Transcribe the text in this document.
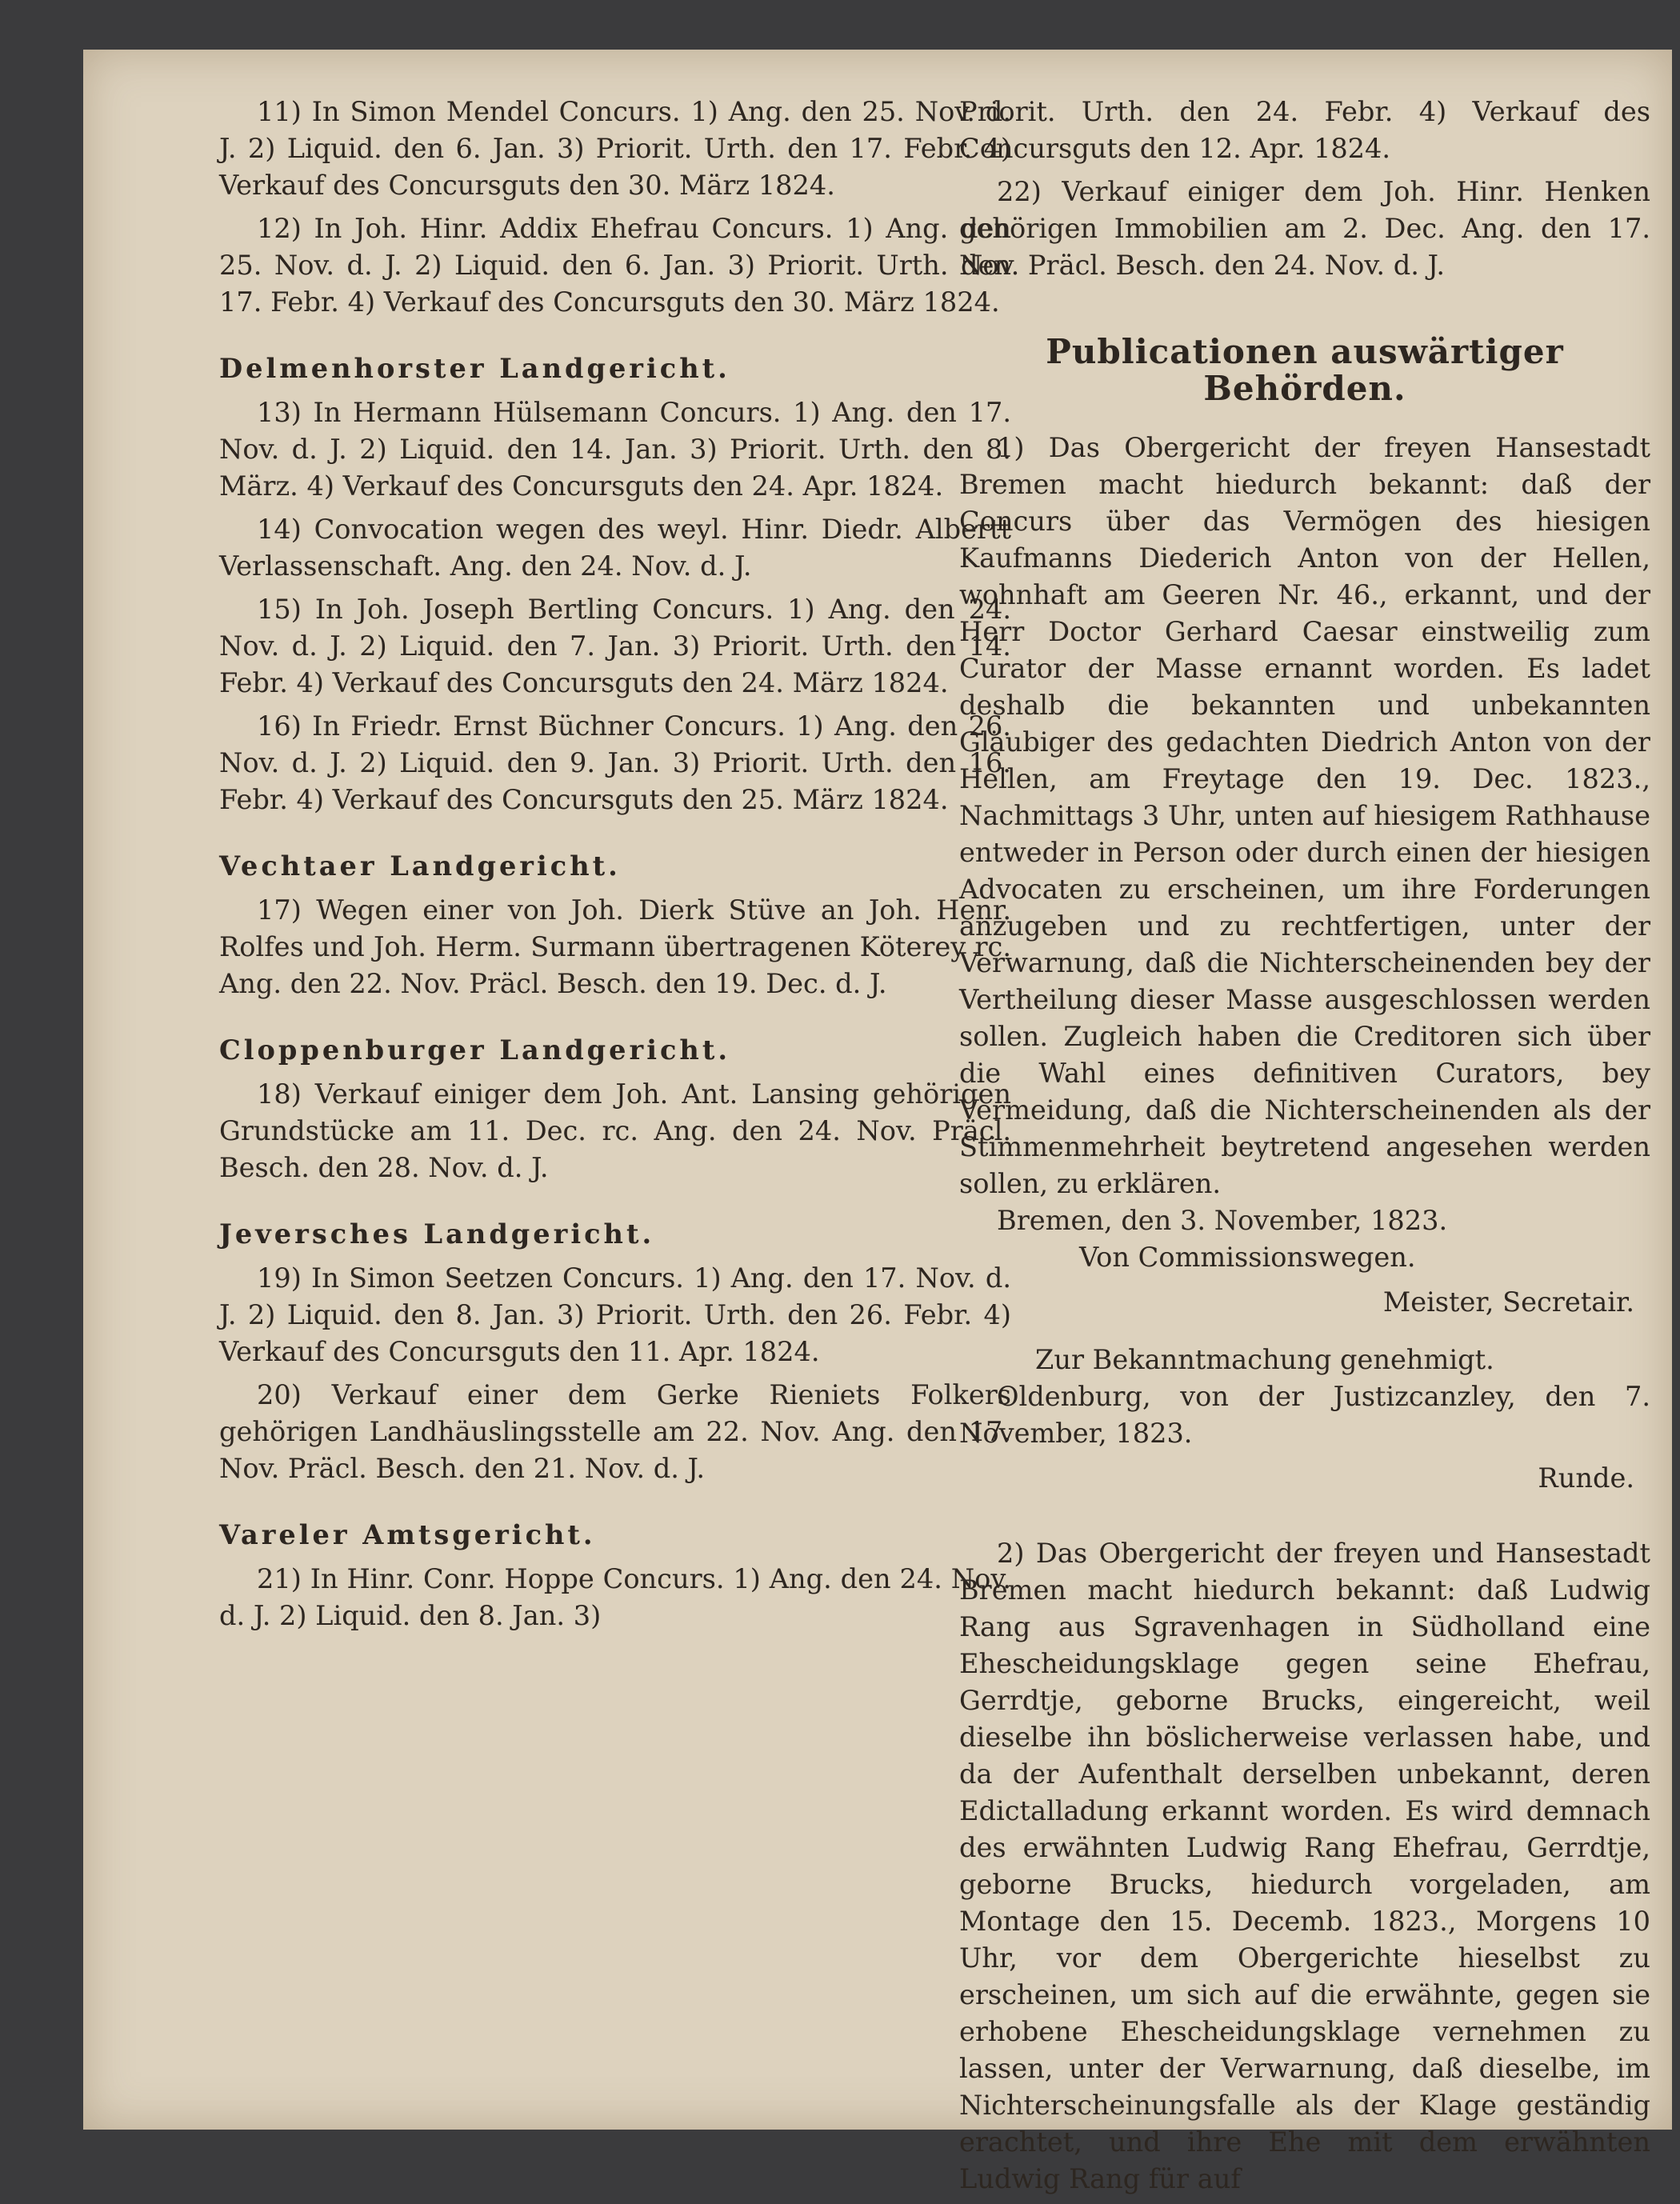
11) In Simon Mendel Concurs. 1) Ang. den 25. Nov. d. J. 2) Liquid. den 6. Jan. 3) Priorit. Urth. den 17. Febr. 4) Verkauf des Concursguts den 30. März 1824.

12) In Joh. Hinr. Addix Ehefrau Concurs. 1) Ang. den 25. Nov. d. J. 2) Liquid. den 6. Jan. 3) Priorit. Urth. den 17. Febr. 4) Verkauf des Concursguts den 30. März 1824.

Delmenhorster Landgericht.

13) In Hermann Hülsemann Concurs. 1) Ang. den 17. Nov. d. J. 2) Liquid. den 14. Jan. 3) Priorit. Urth. den 8. März. 4) Verkauf des Concursguts den 24. Apr. 1824.

14) Convocation wegen des weyl. Hinr. Diedr. Albertt Verlassenschaft. Ang. den 24. Nov. d. J.

15) In Joh. Joseph Bertling Concurs. 1) Ang. den 24. Nov. d. J. 2) Liquid. den 7. Jan. 3) Priorit. Urth. den 14. Febr. 4) Verkauf des Concursguts den 24. März 1824.

16) In Friedr. Ernst Büchner Concurs. 1) Ang. den 26. Nov. d. J. 2) Liquid. den 9. Jan. 3) Priorit. Urth. den 16. Febr. 4) Verkauf des Concursguts den 25. März 1824.

Vechtaer Landgericht.

17) Wegen einer von Joh. Dierk Stüve an Joh. Henr. Rolfes und Joh. Herm. Surmann übertragenen Köterey rc. Ang. den 22. Nov. Präcl. Besch. den 19. Dec. d. J.

Cloppenburger Landgericht.

18) Verkauf einiger dem Joh. Ant. Lansing gehörigen Grundstücke am 11. Dec. rc. Ang. den 24. Nov. Präcl. Besch. den 28. Nov. d. J.

Jeversches Landgericht.

19) In Simon Seetzen Concurs. 1) Ang. den 17. Nov. d. J. 2) Liquid. den 8. Jan. 3) Priorit. Urth. den 26. Febr. 4) Verkauf des Concursguts den 11. Apr. 1824.

20) Verkauf einer dem Gerke Rieniets Folkers gehörigen Landhäuslingsstelle am 22. Nov. Ang. den 17. Nov. Präcl. Besch. den 21. Nov. d. J.

Vareler Amtsgericht.

21) In Hinr. Conr. Hoppe Concurs. 1) Ang. den 24. Nov. d. J. 2) Liquid. den 8. Jan. 3)

Priorit. Urth. den 24. Febr. 4) Verkauf des Concursguts den 12. Apr. 1824.

22) Verkauf einiger dem Joh. Hinr. Henken gehörigen Immobilien am 2. Dec. Ang. den 17. Nov. Präcl. Besch. den 24. Nov. d. J.

Publicationen auswärtiger Behörden.

1) Das Obergericht der freyen Hansestadt Bremen macht hiedurch bekannt: daß der Concurs über das Vermögen des hiesigen Kaufmanns Diederich Anton von der Hellen, wohnhaft am Geeren Nr. 46., erkannt, und der Herr Doctor Gerhard Caesar einstweilig zum Curator der Masse ernannt worden. Es ladet deshalb die bekannten und unbekannten Gläubiger des gedachten Diedrich Anton von der Hellen, am Freytage den 19. Dec. 1823., Nachmittags 3 Uhr, unten auf hiesigem Rathhause entweder in Person oder durch einen der hiesigen Advocaten zu erscheinen, um ihre Forderungen anzugeben und zu rechtfertigen, unter der Verwarnung, daß die Nichterscheinenden bey der Vertheilung dieser Masse ausgeschlossen werden sollen. Zugleich haben die Creditoren sich über die Wahl eines definitiven Curators, bey Vermeidung, daß die Nichterscheinenden als der Stimmenmehrheit beytretend angesehen werden sollen, zu erklären.

Bremen, den 3. November, 1823.

Von Commissionswegen.

Meister, Secretair.

Zur Bekanntmachung genehmigt.

Oldenburg, von der Justizcanzley, den 7. November, 1823.

Runde.

2) Das Obergericht der freyen und Hansestadt Bremen macht hiedurch bekannt: daß Ludwig Rang aus Sgravenhagen in Südholland eine Ehescheidungsklage gegen seine Ehefrau, Gerrdtje, geborne Brucks, eingereicht, weil dieselbe ihn böslicherweise verlassen habe, und da der Aufenthalt derselben unbekannt, deren Edictalladung erkannt worden. Es wird demnach des erwähnten Ludwig Rang Ehefrau, Gerrdtje, geborne Brucks, hiedurch vorgeladen, am Montage den 15. Decemb. 1823., Morgens 10 Uhr, vor dem Obergerichte hieselbst zu erscheinen, um sich auf die erwähnte, gegen sie erhobene Ehescheidungsklage vernehmen zu lassen, unter der Verwarnung, daß dieselbe, im Nichterscheinungsfalle als der Klage geständig erachtet, und ihre Ehe mit dem erwähnten Ludwig Rang für auf
